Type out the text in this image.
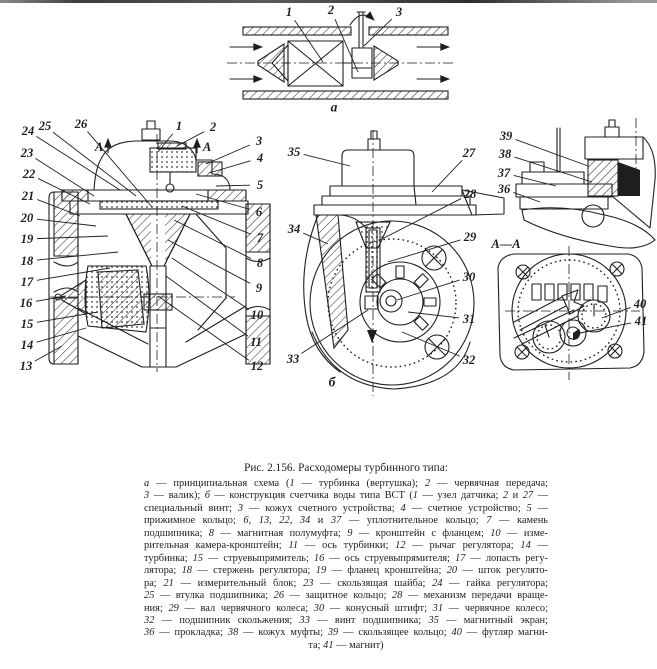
а
1	2	3
А	А
24 25 26	1 2
3
4
5
6
23
22
21
20
19
18
17
16
15
14
13
7
8
9
10
11
12
б
35	27
28
34
29
30
31
32
33
39
38
37
36
А—А
40
41
Рис. 2.156. Расходомеры турбинного типа:
а — принципиальная схема (1 — турбинка (вертушка); 2 — червячная передача;
3 — валик); б — конструкция счетчика воды типа ВСТ (1 — узел датчика; 2 и 27 —
специальный винт; 3 — кожух счетного устройства; 4 — счетное устройство; 5 —
прижимное кольцо; 6, 13, 22, 34 и 37 — уплотнительное кольцо; 7 — камень
подшипника; 8 — магнитная полумуфта; 9 — кронштейн с фланцем; 10 — изме-
рительная камера-кронштейн; 11 — ось турбинки; 12 — рычаг регулятора; 14 —
турбинка; 15 — струевыпрямитель; 16 — ось струевыпрямителя; 17 — лопасть регу-
лятора; 18 — стержень регулятора; 19 — фланец кронштейна; 20 — шток регулято-
ра; 21 — измерительный блок; 23 — скользящая шайба; 24 — гайка регулятора;
25 — втулка подшипника; 26 — защитное кольцо; 28 — механизм передачи враще-
ния; 29 — вал червячного колеса; 30 — конусный штифт; 31 — червячное колесо;
32 — подшипник скольжения; 33 — винт подшипника; 35 — магнитный экран;
36 — прокладка; 38 — кожух муфты; 39 — скользящее кольцо; 40 — футляр магни-
та; 41 — магнит)
